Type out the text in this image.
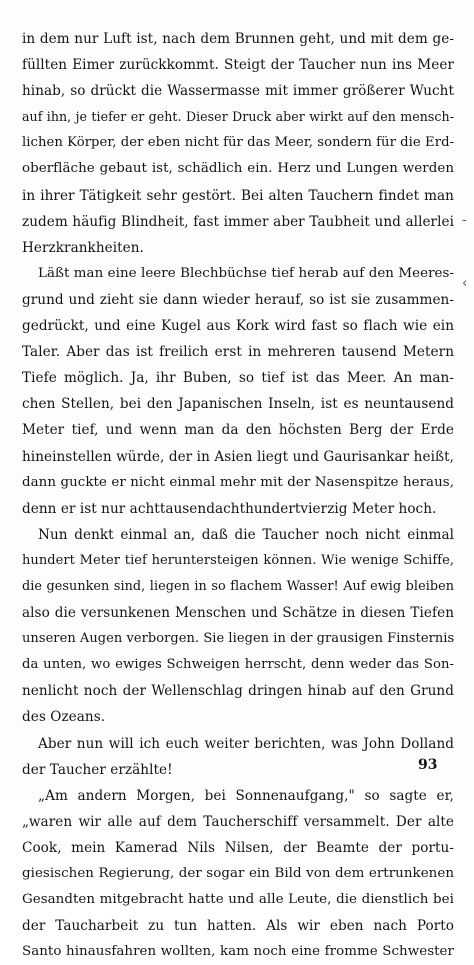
in dem nur Luft ist, nach dem Brunnen geht, und mit dem ge-
füllten Eimer zurückkommt. Steigt der Taucher nun ins Meer
hinab, so drückt die Wassermasse mit immer größerer Wucht
auf ihn, je tiefer er geht. Dieser Druck aber wirkt auf den mensch-
lichen Körper, der eben nicht für das Meer, sondern für die Erd-
oberfläche gebaut ist, schädlich ein. Herz und Lungen werden
in ihrer Tätigkeit sehr gestört. Bei alten Tauchern findet man
zudem häufig Blindheit, fast immer aber Taubheit und allerlei
Herzkrankheiten.
Läßt man eine leere Blechbüchse tief herab auf den Meeres-
grund und zieht sie dann wieder herauf, so ist sie zusammen-
gedrückt, und eine Kugel aus Kork wird fast so flach wie ein
Taler. Aber das ist freilich erst in mehreren tausend Metern
Tiefe möglich. Ja, ihr Buben, so tief ist das Meer. An man-
chen Stellen, bei den Japanischen Inseln, ist es neuntausend
Meter tief, und wenn man da den höchsten Berg der Erde
hineinstellen würde, der in Asien liegt und Gaurisankar heißt,
dann guckte er nicht einmal mehr mit der Nasenspitze heraus,
denn er ist nur achttausendachthundertvierzig Meter hoch.
Nun denkt einmal an, daß die Taucher noch nicht einmal
hundert Meter tief heruntersteigen können. Wie wenige Schiffe,
die gesunken sind, liegen in so flachem Wasser! Auf ewig bleiben
also die versunkenen Menschen und Schätze in diesen Tiefen
unseren Augen verborgen. Sie liegen in der grausigen Finsternis
da unten, wo ewiges Schweigen herrscht, denn weder das Son-
nenlicht noch der Wellenschlag dringen hinab auf den Grund
des Ozeans.
Aber nun will ich euch weiter berichten, was John Dolland
der Taucher erzählte!
„Am andern Morgen, bei Sonnenaufgang," so sagte er,
„waren wir alle auf dem Taucherschiff versammelt. Der alte
Cook, mein Kamerad Nils Nilsen, der Beamte der portu-
giesischen Regierung, der sogar ein Bild von dem ertrunkenen
Gesandten mitgebracht hatte und alle Leute, die dienstlich bei
der Taucharbeit zu tun hatten. Als wir eben nach Porto
Santo hinausfahren wollten, kam noch eine fromme Schwester
-
‹
93
